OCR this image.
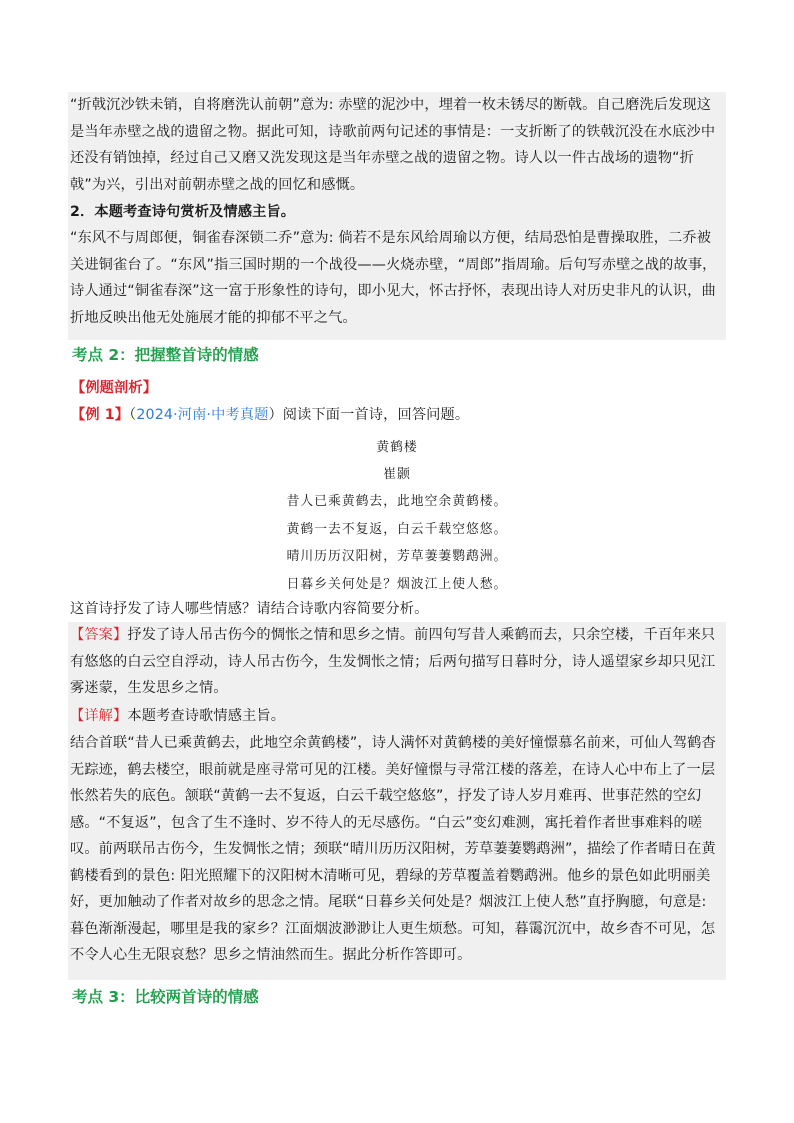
“折戟沉沙铁未销，自将磨洗认前朝”意为: 赤壁的泥沙中，埋着一枚未锈尽的断戟。自己磨洗后发现这是当年赤壁之战的遗留之物。据此可知，诗歌前两句记述的事情是：一支折断了的铁戟沉没在水底沙中还没有销蚀掉，经过自己又磨又洗发现这是当年赤壁之战的遗留之物。诗人以一件古战场的遗物“折戟”为兴，引出对前朝赤壁之战的回忆和感慨。

2．本题考查诗句赏析及情感主旨。

“东风不与周郎便，铜雀春深锁二乔”意为: 倘若不是东风给周瑜以方便，结局恐怕是曹操取胜，二乔被关进铜雀台了。“东风”指三国时期的一个战役——火烧赤壁，“周郎”指周瑜。后句写赤壁之战的故事，诗人通过“铜雀春深”这一富于形象性的诗句，即小见大，怀古抒怀，表现出诗人对历史非凡的认识，曲折地反映出他无处施展才能的抑郁不平之气。

考点 2：把握整首诗的情感

【例题剖析】

【例 1】（2024·河南·中考真题）阅读下面一首诗，回答问题。

黄鹤楼

崔颢

昔人已乘黄鹤去，此地空余黄鹤楼。

黄鹤一去不复返，白云千载空悠悠。

晴川历历汉阳树，芳草萋萋鹦鹉洲。

日暮乡关何处是？烟波江上使人愁。

这首诗抒发了诗人哪些情感？请结合诗歌内容简要分析。

【答案】抒发了诗人吊古伤今的惆怅之情和思乡之情。前四句写昔人乘鹤而去，只余空楼，千百年来只有悠悠的白云空自浮动，诗人吊古伤今，生发惆怅之情；后两句描写日暮时分，诗人遥望家乡却只见江雾迷蒙，生发思乡之情。

【详解】本题考查诗歌情感主旨。

结合首联“昔人已乘黄鹤去，此地空余黄鹤楼”，诗人满怀对黄鹤楼的美好憧憬慕名前来，可仙人驾鹤杳无踪迹，鹤去楼空，眼前就是座寻常可见的江楼。美好憧憬与寻常江楼的落差，在诗人心中布上了一层怅然若失的底色。颔联“黄鹤一去不复返，白云千载空悠悠”，抒发了诗人岁月难再、世事茫然的空幻感。“不复返”，包含了生不逢时、岁不待人的无尽感伤。“白云”变幻难测，寓托着作者世事难料的嗟叹。前两联吊古伤今，生发惆怅之情；颈联“晴川历历汉阳树，芳草萋萋鹦鹉洲”，描绘了作者晴日在黄鹤楼看到的景色: 阳光照耀下的汉阳树木清晰可见，碧绿的芳草覆盖着鹦鹉洲。他乡的景色如此明丽美好，更加触动了作者对故乡的思念之情。尾联“日暮乡关何处是？烟波江上使人愁”直抒胸臆，句意是: 暮色渐渐漫起，哪里是我的家乡？江面烟波渺渺让人更生烦愁。可知，暮霭沉沉中，故乡杳不可见，怎不令人心生无限哀愁？思乡之情油然而生。据此分析作答即可。

考点 3：比较两首诗的情感
